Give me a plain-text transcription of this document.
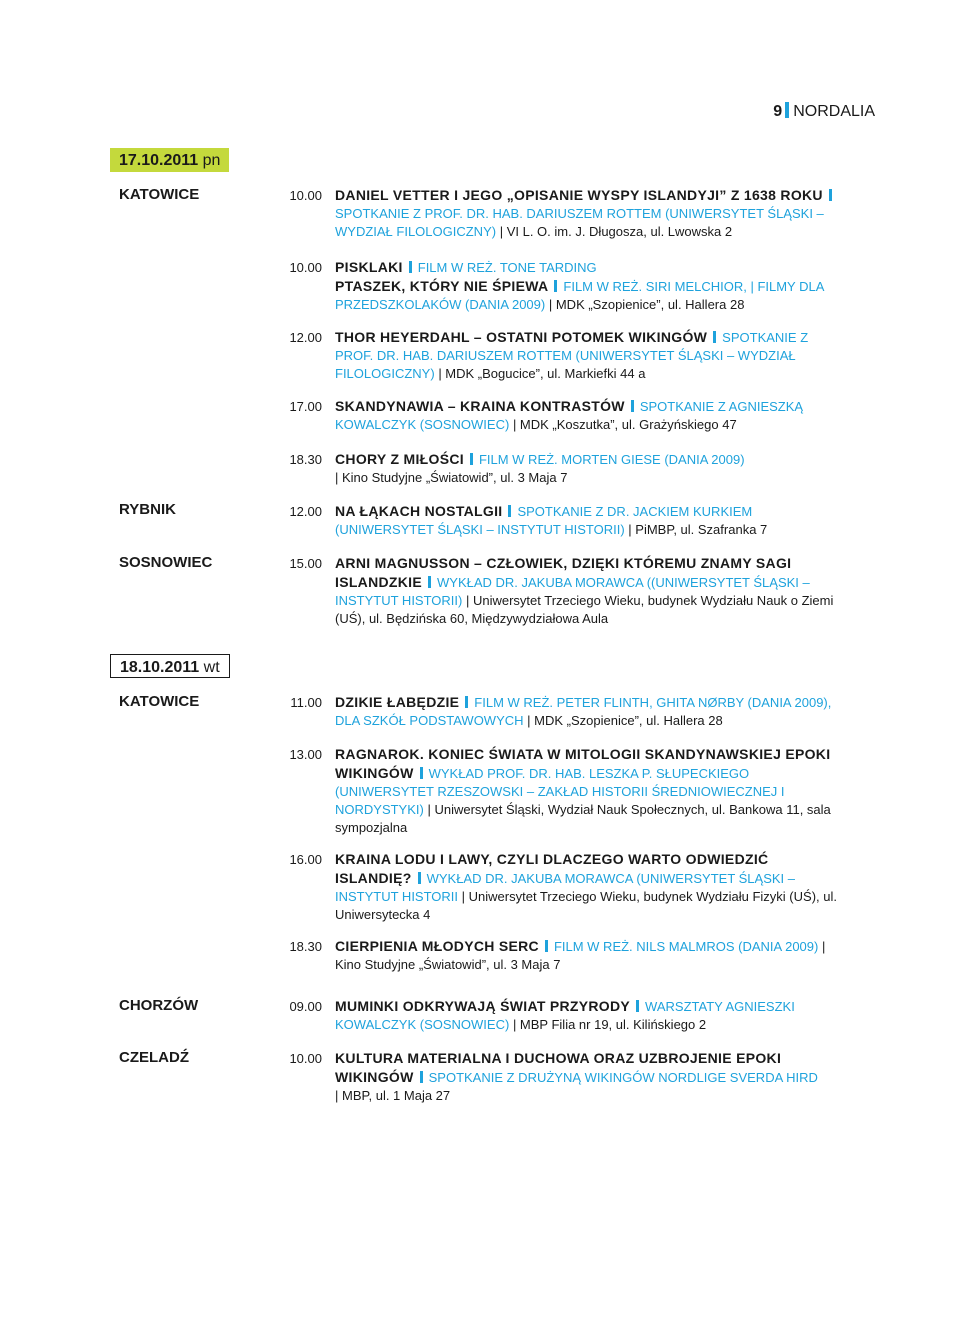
9 NORDALIA
17.10.2011 pn
KATOWICE	10.00 DANIEL VETTER I JEGO „OPISANIE WYSPY ISLANDYJI” Z 1638 ROKUSPOTKANIE Z PROF. DR. HAB. DARIUSZEM ROTTEM (UNIWERSYTET ŚLĄSKI – WYDZIAŁ FILOLOGICZNY) | VI L. O. im. J. Długosza, ul. Lwowska 2
10.00 PISKLAKI FILM W REŻ. TONE TARDING
PTASZEK, KTÓRY NIE ŚPIEWA FILM W REŻ. SIRI MELCHIOR, | FILMY DLA PRZEDSZKOLAKÓW (DANIA 2009) | MDK „Szopienice”, ul. Hallera 28
12.00 THOR HEYERDAHL – OSTATNI POTOMEK WIKINGÓW SPOTKANIE Z PROF. DR. HAB. DARIUSZEM ROTTEM (UNIWERSYTET ŚLĄSKI – WYDZIAŁ FILOLOGICZNY) | MDK „Bogucice”, ul. Markiefki 44 a
17.00 SKANDYNAWIA – KRAINA KONTRASTÓW SPOTKANIE Z AGNIESZKĄ KOWALCZYK (SOSNOWIEC) | MDK „Koszutka”, ul. Grażyńskiego 47
18.30 CHORY Z MIŁOŚCI FILM W REŻ. MORTEN GIESE (DANIA 2009)
| Kino Studyjne „Światowid”, ul. 3 Maja 7
RYBNIK	12.00 NA ŁĄKACH NOSTALGII SPOTKANIE Z DR. JACKIEM KURKIEM (UNIWERSYTET ŚLĄSKI – INSTYTUT HISTORII) | PiMBP, ul. Szafranka 7
SOSNOWIEC	15.00 ARNI MAGNUSSON – CZŁOWIEK, DZIĘKI KTÓREMU ZNAMY SAGI ISLANDZKIE WYKŁAD DR. JAKUBA MORAWCA ((UNIWERSYTET ŚLĄSKI – INSTYTUT HISTORII) | Uniwersytet Trzeciego Wieku, budynek Wydziału Nauk o Ziemi (UŚ), ul. Będzińska 60, Międzywydziałowa Aula
18.10.2011 wt
KATOWICE	11.00 DZIKIE ŁABĘDZIE FILM W REŻ. PETER FLINTH, GHITA NØRBY (DANIA 2009), DLA SZKÓŁ PODSTAWOWYCH | MDK „Szopienice”, ul. Hallera 28
13.00 RAGNAROK. KONIEC ŚWIATA W MITOLOGII SKANDYNAWSKIEJ EPOKI WIKINGÓW WYKŁAD PROF. DR. HAB. LESZKA P. SŁUPECKIEGO (UNIWERSYTET RZESZOWSKI – ZAKŁAD HISTORII ŚREDNIOWIECZNEJ I NORDYSTYKI) | Uniwersytet Śląski, Wydział Nauk Społecznych, ul. Bankowa 11, sala sympozjalna
16.00 KRAINA LODU I LAWY, CZYLI DLACZEGO WARTO ODWIEDZIĆ ISLANDIĘ? WYKŁAD DR. JAKUBA MORAWCA (UNIWERSYTET ŚLĄSKI – INSTYTUT HISTORII | Uniwersytet Trzeciego Wieku, budynek Wydziału Fizyki (UŚ), ul. Uniwersytecka 4
18.30 CIERPIENIA MŁODYCH SERC FILM W REŻ. NILS MALMROS (DANIA 2009) | Kino Studyjne „Światowid”, ul. 3 Maja 7
CHORZÓW	09.00 MUMINKI ODKRYWAJĄ ŚWIAT PRZYRODY WARSZTATY AGNIESZKI KOWALCZYK (SOSNOWIEC) | MBP Filia nr 19, ul. Kilińskiego 2
CZELADŹ	10.00 KULTURA MATERIALNA I DUCHOWA ORAZ UZBROJENIE EPOKI WIKINGÓW SPOTKANIE Z DRUŻYNĄ WIKINGÓW NORDLIGE SVERDA HIRD
| MBP, ul. 1 Maja 27
